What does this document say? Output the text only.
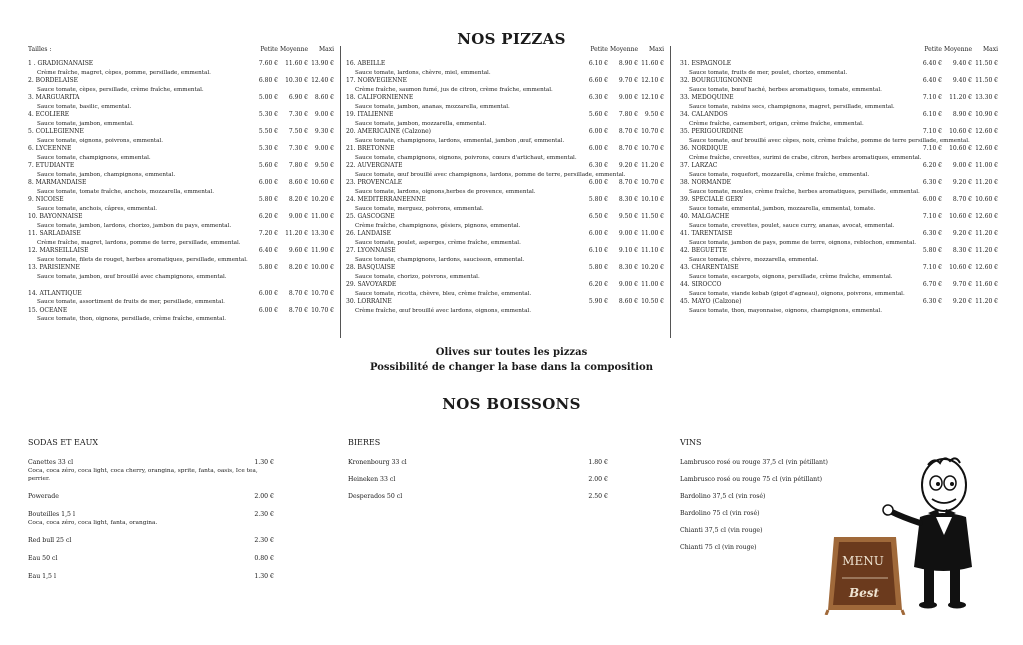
NOS PIZZAS
Tailles :	Petite Moyenne	Maxi
1 . GRADIGNANAISE	7.60 €	11.60 € 13.90 €
Crème fraîche, magret, cèpes, pomme, persillade, emmental.
2. BORDELAISE	6.80 €	10.30 € 12.40 €
Sauce tomate, cèpes, persillade, crème fraîche, emmental.
3. MARGUARITA	5.00 €	6.90 €	8.60 €
Sauce tomate, basilic, emmental.
4. ECOLIERE	5.30 €	7.30 €	9.00 €
Sauce tomate, jambon, emmental.
5. COLLEGIENNE	5.50 €	7.50 €	9.30 €
Sauce tomate, oignons, poivrons, emmental.
6. LYCEENNE	5.30 €	7.30 €	9.00 €
Sauce tomate, champignons, emmental.
7. ETUDIANTE	5.60 €	7.80 €	9.50 €
Sauce tomate, jambon, champignons, emmental.
8. MARMANDAISE	6.00 €	8.60 € 10.60 €
Sauce tomate, tomate fraîche, anchois, mozzarella, emmental.
9. NICOISE	5.80 €	8.20 € 10.20 €
Sauce tomate, anchois, câpres, emmental.
10. BAYONNAISE	6.20 €	9.00 € 11.00 €
Sauce tomate, jambon, lardons, chorizo, jambon du pays, emmental.
11. SARLADAISE	7.20 €	11.20 € 13.30 €
Crème fraîche, magret, lardons, pomme de terre, persillade, emmental.
12. MARSEILLAISE	6.40 €	9.60 € 11.90 €
Sauce tomate, filets de rouget, herbes aromatiques, persillade, emmental.
13. PARISIENNE	5.80 €	8.20 € 10.00 €
Sauce tomate, jambon, œuf brouillé avec champignons, emmental.
14. ATLANTIQUE	6.00 €	8.70 € 10.70 €
Sauce tomate, assortiment de fruits de mer, persillade, emmental.
15. OCEANE	6.00 €	8.70 € 10.70 €
Sauce tomate, thon, oignons, persillade, crème fraîche, emmental.
Petite Moyenne	Maxi
16. ABEILLE	6.10 €	8.90 € 11.60 €
Sauce tomate, lardons, chèvre, miel, emmental.
17. NORVEGIENNE	6.60 €	9.70 € 12.10 €
Crème fraîche, saumon fumé, jus de citron, crème fraîche, emmental.
18. CALIFORNIENNE	6.30 €	9.00 € 12.10 €
Sauce tomate, jambon, ananas, mozzarella, emmental.
19. ITALIENNE	5.60 €	7.80 €	9.50 €
Sauce tomate, jambon, mozzarella, emmental.
20. AMERICAINE (Calzone)	6.00 €	8.70 € 10.70 €
Sauce tomate, champignons, lardons, emmental, jambon ,œuf, emmental.
21. BRETONNE	6.00 €	8.70 € 10.70 €
Sauce tomate, champignons, oignons, poivrons, cœurs d'artichaut, emmental.
22. AUVERGNATE	6.30 €	9.20 € 11.20 €
Sauce tomate, œuf brouillé avec champignons, lardons, pomme de terre, persillade, emmental.
23. PROVENCALE	6.00 €	8.70 € 10.70 €
Sauce tomate, lardons, oignons,herbes de provence, emmental.
24. MEDITERRANEENNE	5.80 €	8.30 € 10.10 €
Sauce tomate, merguez, poivrons, emmental.
25. GASCOGNE	6.50 €	9.50 € 11.50 €
Crème fraîche, champignons, gésiers, pignons, emmental.
26. LANDAISE	6.00 €	9.00 € 11.00 €
Sauce tomate, poulet, asperges, crème fraîche, emmental.
27. LYONNAISE	6.10 €	9.10 € 11.10 €
Sauce tomate, champignons, lardons, saucisson, emmental.
28. BASQUAISE	5.80 €	8.30 € 10.20 €
Sauce tomate, chorizo, poivrons, emmental.
29. SAVOYARDE	6.20 €	9.00 € 11.00 €
Sauce tomate, ricotta, chèvre, bleu, crème fraîche, emmental.
30. LORRAINE	5.90 €	8.60 € 10.50 €
Crème fraîche, œuf brouillé avec lardons, oignons, emmental.
Petite Moyenne	Maxi
31. ESPAGNOLE	6.40 €	9.40 € 11.50 €
Sauce tomate, fruits de mer, poulet, chorizo, emmental.
32. BOURGUIGNONNE	6.40 €	9.40 € 11.50 €
Sauce tomate, bœuf haché, herbes aromatiques, tomate, emmental.
33. MEDOQUINE	7.10 €	11.20 € 13.30 €
Sauce tomate, raisins secs, champignons, magret, persillade, emmental.
34. CALANDOS	6.10 €	8.90 € 10.90 €
Crème fraîche, camembert, origan, crème fraîche, emmental.
35. PERIGOURDINE	7.10 €	10.60 € 12.60 €
Sauce tomate, œuf brouillé avec cèpes, noix, crème fraîche, pomme de terre persillade, emmental.
36. NORDIQUE	7.10 €	10.60 € 12.60 €
Crème fraîche, crevettes, surimi de crabe, citron, herbes aromatiques, emmental.
37. LARZAC	6.20 €	9.00 € 11.00 €
Sauce tomate, roquefort, mozzarella, crème fraîche, emmental.
38. NORMANDE	6.30 €	9.20 € 11.20 €
Sauce tomate, moules, crème fraîche, herbes aromatiques, persillade, emmental.
39. SPECIALE GERY	6.00 €	8.70 € 10.60 €
Sauce tomate, emmental, jambon, mozzarella, emmental, tomate.
40. MALGACHE	7.10 €	10.60 € 12.60 €
Sauce tomate, crevettes, poulet, sauce curry, ananas, avocat, emmental.
41. TARENTAISE	6.30 €	9.20 € 11.20 €
Sauce tomate, jambon de pays, pomme de terre, oignons, reblochon, emmental.
42. BEGUETTE	5.80 €	8.30 € 11.20 €
Sauce tomate, chèvre, mozzarella, emmental.
43. CHARENTAISE	7.10 €	10.60 € 12.60 €
Sauce tomate, escargots, oignons, persillade, crème fraîche, emmental.
44. SIROCCO	6.70 €	9.70 € 11.60 €
Sauce tomate, viande kebab (gigot d'agneau), oignons, poivrons, emmental.
45. MAYO (Calzone)	6.30 €	9.20 € 11.20 €
Sauce tomate, thon, mayonnaise, oignons, champignons, emmental.
Olives sur toutes les pizzas
Possibilité de changer la base dans la composition
NOS BOISSONS
SODAS ET EAUX
Canettes 33 cl	1.30 €
Coca, coca zéro, coca light, coca cherry, orangina, sprite, fanta, oasis, Ice tea, perrier.
Powerade	2.00 €
Bouteilles 1,5 l	2.30 €
Coca, coca zéro, coca light, fanta, orangina.
Red bull 25 cl	2.30 €
Eau 50 cl	0.80 €
Eau 1,5 l	1.30 €
BIERES
Kronenbourg 33 cl	1.80 €
Heineken 33 cl	2.00 €
Desperados 50 cl	2.50 €
VINS
Lambrusco rosé ou rouge 37,5 cl (vin pétillant)
Lambrusco rosé ou rouge 75 cl (vin pétillant)
Bardolino 37,5 cl (vin rosé)
Bardolino 75 cl (vin rosé)
Chianti 37,5 cl (vin rouge)
Chianti 75 cl (vin rouge)
MENU
Best
